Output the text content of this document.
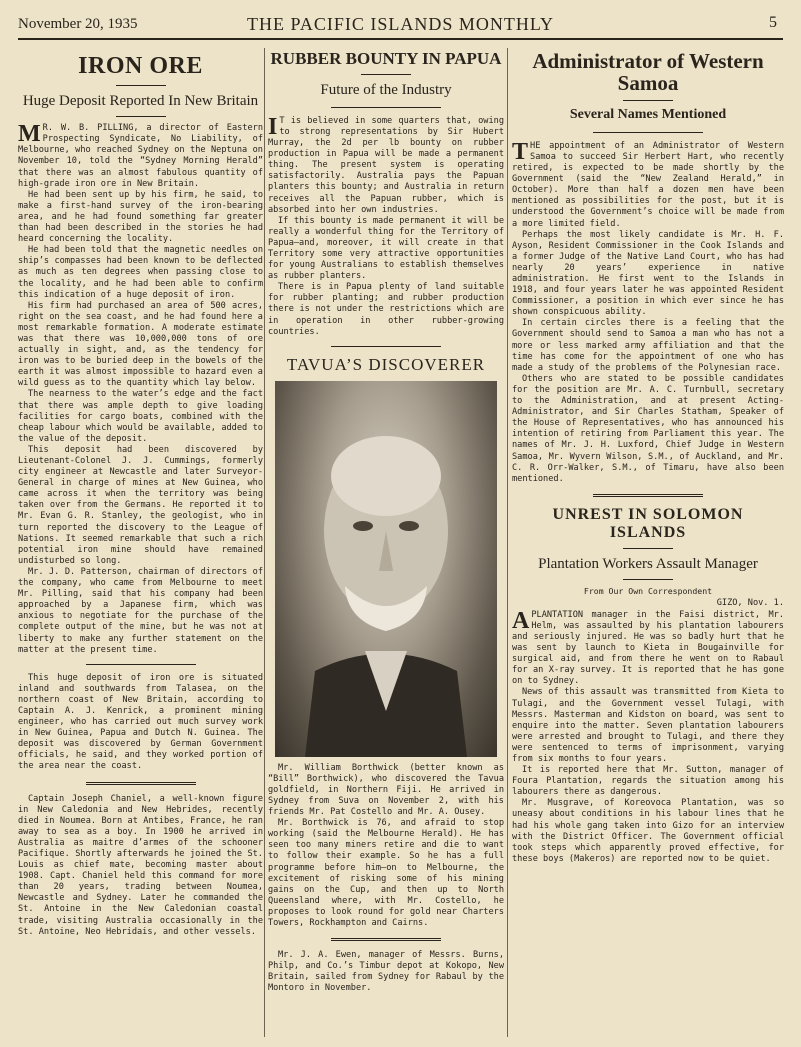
November 20, 1935	THE PACIFIC ISLANDS MONTHLY	5
IRON ORE
Huge Deposit Reported In New Britain

MR. W. B. PILLING, a director of Eastern Prospecting Syndicate, No Liability, of Melbourne, who reached Sydney on the Neptuna on November 10, told the “Sydney Morning Herald” that there was an almost fabulous quantity of high-grade iron ore in New Britain.

He had been sent up by his firm, he said, to make a first-hand survey of the iron-bearing area, and he had found something far greater than had been described in the stories he had heard concerning the locality.

He had been told that the magnetic needles on ship’s compasses had been known to be deflected as much as ten degrees when passing close to the locality, and he had been able to confirm this indication of a huge deposit of iron.

His firm had purchased an area of 500 acres, right on the sea coast, and he had found here a most remarkable formation. A moderate estimate was that there was 10,000,000 tons of ore actually in sight, and, as the tendency for iron was to be buried deep in the bowels of the earth it was almost impossible to hazard even a wild guess as to the quantity which lay below.

The nearness to the water’s edge and the fact that there was ample depth to give loading facilities for cargo boats, combined with the cheap labour which would be available, added to the value of the deposit.

This deposit had been discovered by Lieutenant-Colonel J. J. Cummings, formerly city engineer at Newcastle and later Surveyor-General in charge of mines at New Guinea, who came across it when the territory was being taken over from the Germans. He reported it to Mr. Evan G. R. Stanley, the geologist, who in turn reported the discovery to the League of Nations. It seemed remarkable that such a rich potential iron mine should have remained undisturbed so long.

Mr. J. D. Patterson, chairman of directors of the company, who came from Melbourne to meet Mr. Pilling, said that his company had been approached by a Japanese firm, which was anxious to negotiate for the purchase of the complete output of the mine, but he was not at liberty to make any further statement on the matter at the present time.

This huge deposit of iron ore is situated inland and southwards from Talasea, on the northern coast of New Britain, according to Captain A. J. Kenrick, a prominent mining engineer, who has carried out much survey work in New Guinea, Papua and Dutch N. Guinea. The deposit was discovered by German Government officials, he said, and they worked portion of the area near the coast.

Captain Joseph Chaniel, a well-known figure in New Caledonia and New Hebrides, recently died in Noumea. Born at Antibes, France, he ran away to sea as a boy. In 1900 he arrived in Australia as maitre d’armes of the schooner Pacifique. Shortly afterwards he joined the St. Louis as chief mate, becoming master about 1908. Capt. Chaniel held this command for more than 20 years, trading between Noumea, Newcastle and Sydney. Later he commanded the St. Antoine in the New Caledonian coastal trade, visiting Australia occasionally in the St. Antoine, Neo Hebridais, and other vessels.

RUBBER BOUNTY IN PAPUA
Future of the Industry

IT is believed in some quarters that, owing to strong representations by Sir Hubert Murray, the 2d per lb bounty on rubber production in Papua will be made a permanent thing. The present system is operating satisfactorily. Australia pays the Papuan planters this bounty; and Australia in return receives all the Papuan rubber, which is absorbed into her own industries.

If this bounty is made permanent it will be really a wonderful thing for the Territory of Papua—and, moreover, it will create in that Territory some very attractive opportunities for young Australians to establish themselves as rubber planters.

There is in Papua plenty of land suitable for rubber planting; and rubber production there is not under the restrictions which are in operation in other rubber-growing countries.

TAVUA’S DISCOVERER

Mr. William Borthwick (better known as “Bill” Borthwick), who discovered the Tavua goldfield, in Northern Fiji. He arrived in Sydney from Suva on November 2, with his friends Mr. Pat Costello and Mr. A. Ousey.

Mr. Borthwick is 76, and afraid to stop working (said the Melbourne Herald). He has seen too many miners retire and die to want to follow their example. So he has a full programme before him—on to Melbourne, the excitement of risking some of his mining gains on the Cup, and then up to North Queensland where, with Mr. Costello, he proposes to look round for gold near Charters Towers, Rockhampton and Cairns.

Mr. J. A. Ewen, manager of Messrs. Burns, Philp, and Co.’s Timbur depot at Kokopo, New Britain, sailed from Sydney for Rabaul by the Montoro in November.

Administrator of Western Samoa
Several Names Mentioned

THE appointment of an Administrator of Western Samoa to succeed Sir Herbert Hart, who recently retired, is expected to be made shortly by the Government (said the “New Zealand Herald,” in October). More than half a dozen men have been mentioned as possibilities for the post, but it is understood the Government’s choice will be made from a more limited field.

Perhaps the most likely candidate is Mr. H. F. Ayson, Resident Commissioner in the Cook Islands and a former Judge of the Native Land Court, who has had nearly 20 years’ experience in native administration. He first went to the Islands in 1918, and four years later he was appointed Resident Commissioner, a position in which ever since he has shown conspicuous ability.

In certain circles there is a feeling that the Government should send to Samoa a man who has not a more or less marked army affiliation and that the time has come for the appointment of one who has made a study of the problems of the Polynesian race.

Others who are stated to be possible candidates for the position are Mr. A. C. Turnbull, secretary to the Administration, and at present Acting-Administrator, and Sir Charles Statham, Speaker of the House of Representatives, who has announced his intention of retiring from Parliament this year. The names of Mr. J. H. Luxford, Chief Judge in Western Samoa, Mr. Wyvern Wilson, S.M., of Auckland, and Mr. C. R. Orr-Walker, S.M., of Timaru, have also been mentioned.

UNREST IN SOLOMON ISLANDS
Plantation Workers Assault Manager
From Our Own Correspondent
GIZO, Nov. 1.

APLANTATION manager in the Faisi district, Mr. Helm, was assaulted by his plantation labourers and seriously injured. He was so badly hurt that he was sent by launch to Kieta in Bougainville for surgical aid, and from there he went on to Rabaul for an X-ray survey. It is reported that he has gone on to Sydney.

News of this assault was transmitted from Kieta to Tulagi, and the Government vessel Tulagi, with Messrs. Masterman and Kidston on board, was sent to enquire into the matter. Seven plantation labourers were arrested and brought to Tulagi, and there they were sentenced to terms of imprisonment, varying from six months to four years.

It is reported here that Mr. Sutton, manager of Foura Plantation, regards the situation among his labourers there as dangerous.

Mr. Musgrave, of Koreovoca Plantation, was so uneasy about conditions in his labour lines that he had his whole gang taken into Gizo for an interview with the District Officer. The Government official took steps which apparently proved effective, for these boys (Makeros) are reported now to be quiet.
